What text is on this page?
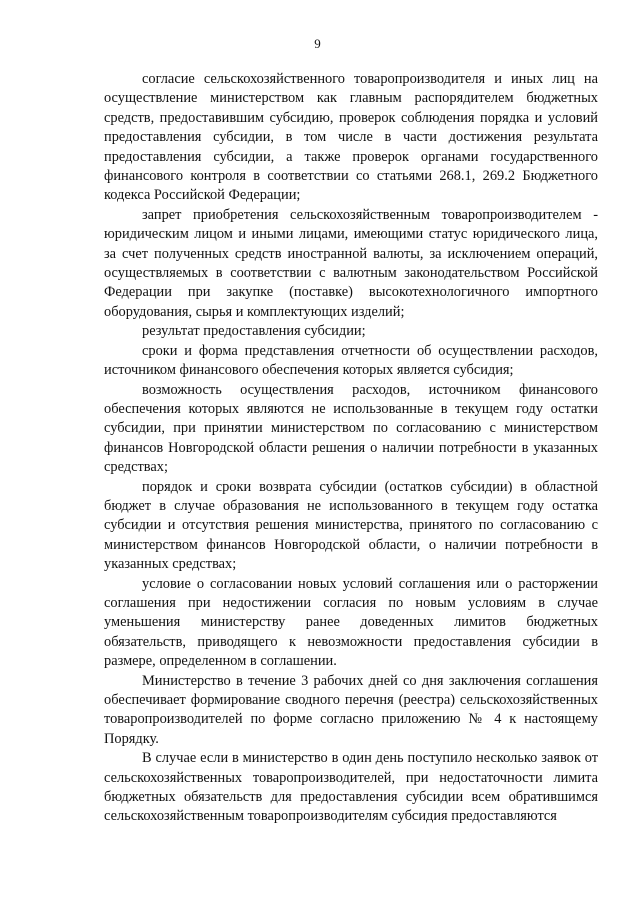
9

согласие сельскохозяйственного товаропроизводителя и иных лиц на осуществление министерством как главным распорядителем бюджетных средств, предоставившим субсидию, проверок соблюдения порядка и условий предоставления субсидии, в том числе в части достижения результата предоставления субсидии, а также проверок органами государственного финансового контроля в соответствии со статьями 268.1, 269.2 Бюджетного кодекса Российской Федерации;

запрет приобретения сельскохозяйственным товаропроизводителем - юридическим лицом и иными лицами, имеющими статус юридического лица, за счет полученных средств иностранной валюты, за исключением операций, осуществляемых в соответствии с валютным законодательством Российской Федерации при закупке (поставке) высокотехнологичного импортного оборудования, сырья и комплектующих изделий;

результат предоставления субсидии;

сроки и форма представления отчетности об осуществлении расходов, источником финансового обеспечения которых является субсидия;

возможность осуществления расходов, источником финансового обеспечения которых являются не использованные в текущем году остатки субсидии, при принятии министерством по согласованию с министерством финансов Новгородской области решения о наличии потребности в указанных средствах;

порядок и сроки возврата субсидии (остатков субсидии) в областной бюджет в случае образования не использованного в текущем году остатка субсидии и отсутствия решения министерства, принятого по согласованию с министерством финансов Новгородской области, о наличии потребности в указанных средствах;

условие о согласовании новых условий соглашения или о расторжении соглашения при недостижении согласия по новым условиям в случае уменьшения министерству ранее доведенных лимитов бюджетных обязательств, приводящего к невозможности предоставления субсидии в размере, определенном в соглашении.

Министерство в течение 3 рабочих дней со дня заключения соглашения обеспечивает формирование сводного перечня (реестра) сельскохозяйственных товаропроизводителей по форме согласно приложению № 4 к настоящему Порядку.

В случае если в министерство в один день поступило несколько заявок от сельскохозяйственных товаропроизводителей, при недостаточности лимита бюджетных обязательств для предоставления субсидии всем обратившимся сельскохозяйственным товаропроизводителям субсидия предоставляются
